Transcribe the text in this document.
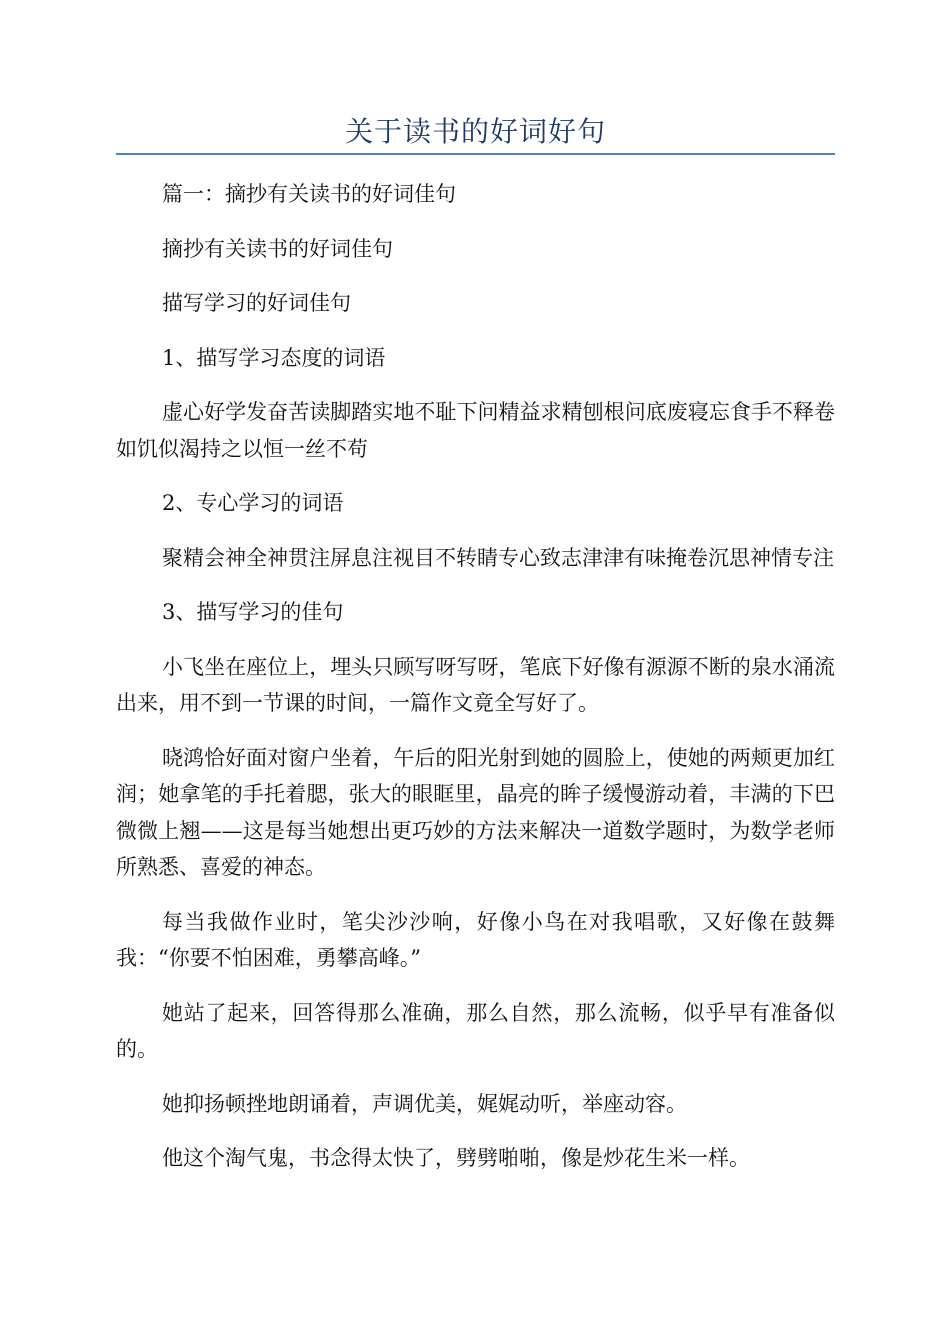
关于读书的好词好句

篇一：摘抄有关读书的好词佳句

摘抄有关读书的好词佳句

描写学习的好词佳句

1、描写学习态度的词语

虚心好学发奋苦读脚踏实地不耻下问精益求精刨根问底废寝忘食手不释卷如饥似渴持之以恒一丝不苟

2、专心学习的词语

聚精会神全神贯注屏息注视目不转睛专心致志津津有味掩卷沉思神情专注

3、描写学习的佳句

小飞坐在座位上，埋头只顾写呀写呀，笔底下好像有源源不断的泉水涌流出来，用不到一节课的时间，一篇作文竟全写好了。

晓鸿恰好面对窗户坐着，午后的阳光射到她的圆脸上，使她的两颊更加红润；她拿笔的手托着腮，张大的眼眶里，晶亮的眸子缓慢游动着，丰满的下巴微微上翘——这是每当她想出更巧妙的方法来解决一道数学题时，为数学老师所熟悉、喜爱的神态。

每当我做作业时，笔尖沙沙响，好像小鸟在对我唱歌，又好像在鼓舞我：“你要不怕困难，勇攀高峰。”

她站了起来，回答得那么准确，那么自然，那么流畅，似乎早有准备似的。

她抑扬顿挫地朗诵着，声调优美，娓娓动听，举座动容。

他这个淘气鬼，书念得太快了，劈劈啪啪，像是炒花生米一样。
